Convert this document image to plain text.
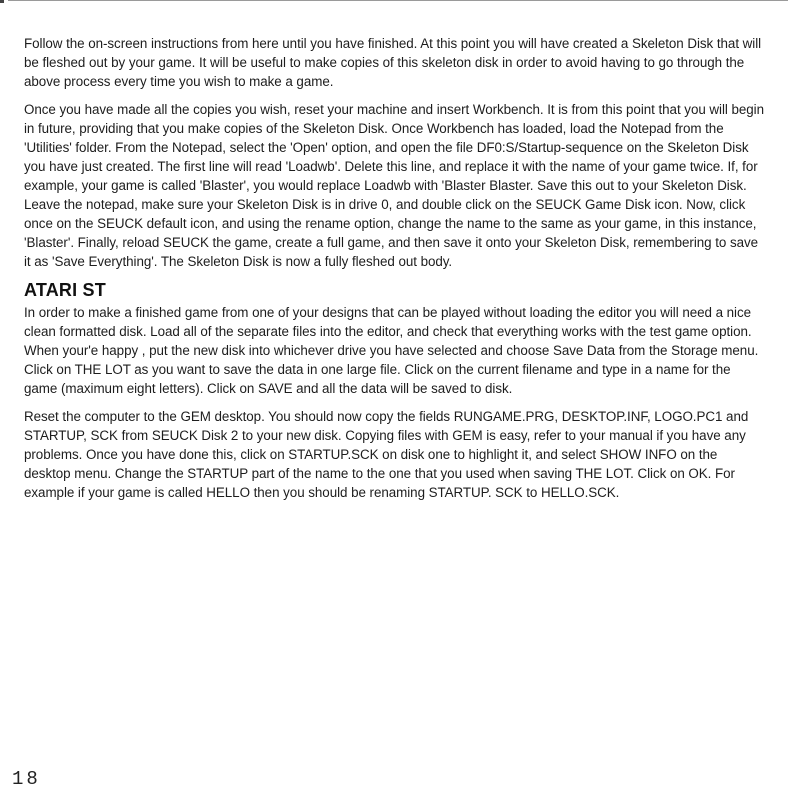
Follow the on-screen instructions from here until you have finished. At this point you will have created a Skeleton Disk that will be fleshed out by your game. It will be useful to make copies of this skeleton disk in order to avoid having to go through the above process every time you wish to make a game.

Once you have made all the copies you wish, reset your machine and insert Workbench. It is from this point that you will begin in future, providing that you make copies of the Skeleton Disk. Once Workbench has loaded, load the Notepad from the 'Utilities' folder. From the Notepad, select the 'Open' option, and open the file DF0:S/Startup-sequence on the Skeleton Disk you have just created. The first line will read 'Loadwb'. Delete this line, and replace it with the name of your game twice. If, for example, your game is called 'Blaster', you would replace Loadwb with 'Blaster Blaster. Save this out to your Skeleton Disk. Leave the notepad, make sure your Skeleton Disk is in drive 0, and double click on the SEUCK Game Disk icon. Now, click once on the SEUCK default icon, and using the rename option, change the name to the same as your game, in this instance, 'Blaster'. Finally, reload SEUCK the game, create a full game, and then save it onto your Skeleton Disk, remembering to save it as 'Save Everything'. The Skeleton Disk is now a fully fleshed out body.

ATARI ST

In order to make a finished game from one of your designs that can be played without loading the editor you will need a nice clean formatted disk. Load all of the separate files into the editor, and check that everything works with the test game option. When your'e happy , put the new disk into whichever drive you have selected and choose Save Data from the Storage menu. Click on THE LOT as you want to save the data in one large file. Click on the current filename and type in a name for the game (maximum eight letters). Click on SAVE and all the data will be saved to disk.

Reset the computer to the GEM desktop. You should now copy the fields RUNGAME.PRG, DESKTOP.INF, LOGO.PC1 and STARTUP, SCK from SEUCK Disk 2 to your new disk. Copying files with GEM is easy, refer to your manual if you have any problems. Once you have done this, click on STARTUP.SCK on disk one to highlight it, and select SHOW INFO on the desktop menu. Change the STARTUP part of the name to the one that you used when saving THE LOT. Click on OK. For example if your game is called HELLO then you should be renaming STARTUP. SCK to HELLO.SCK.

18
